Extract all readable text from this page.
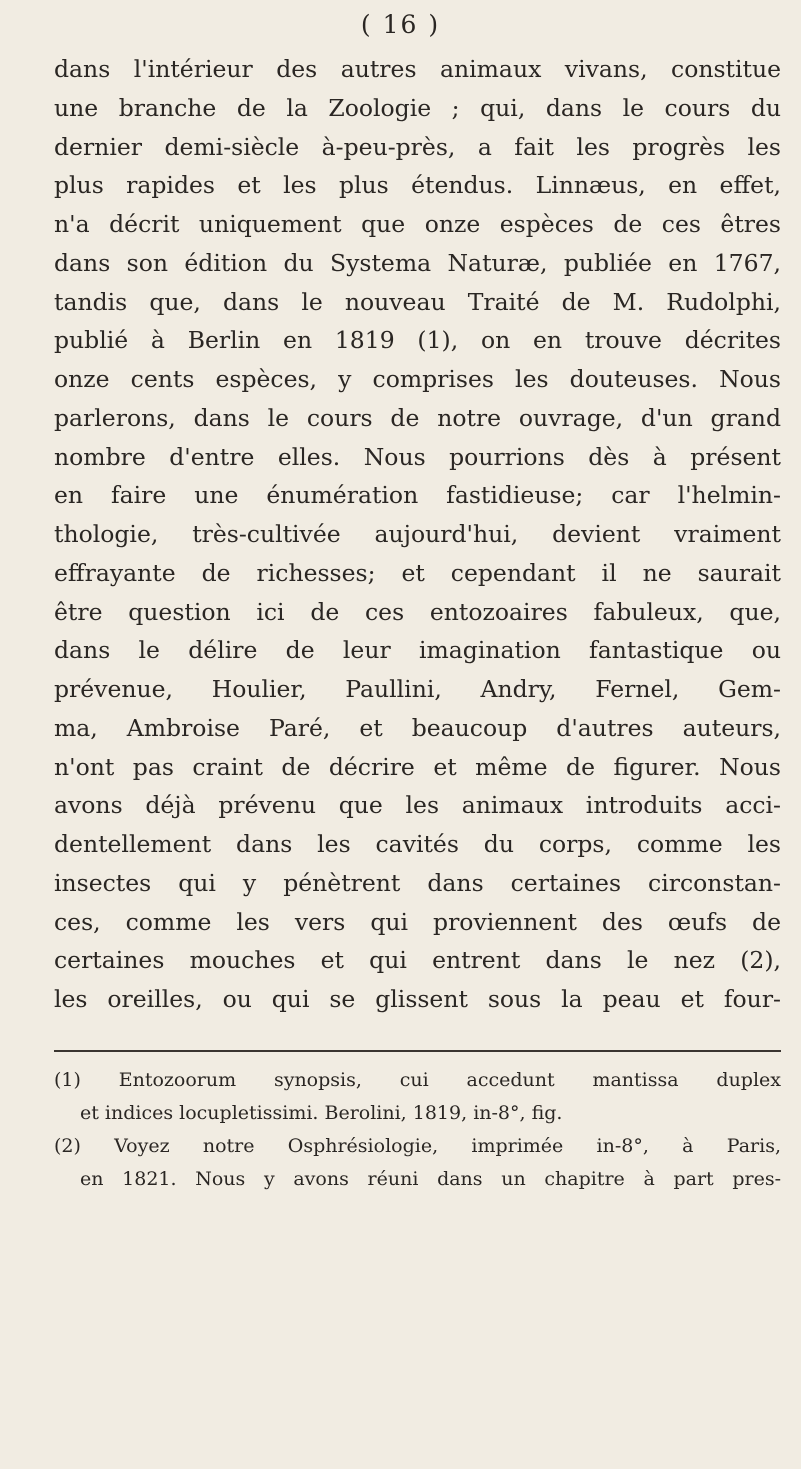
( 16 )
dans l'intérieur des autres animaux vivans, constitue
une branche de la Zoologie ; qui, dans le cours du
dernier demi-siècle à-peu-près, a fait les progrès les
plus rapides et les plus étendus. Linnæus, en effet,
n'a décrit uniquement que onze espèces de ces êtres
dans son édition du Systema Naturæ, publiée en 1767,
tandis que, dans le nouveau Traité de M. Rudolphi,
publié à Berlin en 1819 (1), on en trouve décrites
onze cents espèces, y comprises les douteuses. Nous
parlerons, dans le cours de notre ouvrage, d'un grand
nombre d'entre elles. Nous pourrions dès à présent
en faire une énumération fastidieuse; car l'helmin-
thologie, très-cultivée aujourd'hui, devient vraiment
effrayante de richesses; et cependant il ne saurait
être question ici de ces entozoaires fabuleux, que,
dans le délire de leur imagination fantastique ou
prévenue, Houlier, Paullini, Andry, Fernel, Gem-
ma, Ambroise Paré, et beaucoup d'autres auteurs,
n'ont pas craint de décrire et même de figurer. Nous
avons déjà prévenu que les animaux introduits acci-
dentellement dans les cavités du corps, comme les
insectes qui y pénètrent dans certaines circonstan-
ces, comme les vers qui proviennent des œufs de
certaines mouches et qui entrent dans le nez (2),
les oreilles, ou qui se glissent sous la peau et four-
(1) Entozoorum synopsis, cui accedunt mantissa duplex
et indices locupletissimi. Berolini, 1819, in-8°, fig.
(2) Voyez notre Osphrésiologie, imprimée in-8°, à Paris,
en 1821. Nous y avons réuni dans un chapitre à part pres-
